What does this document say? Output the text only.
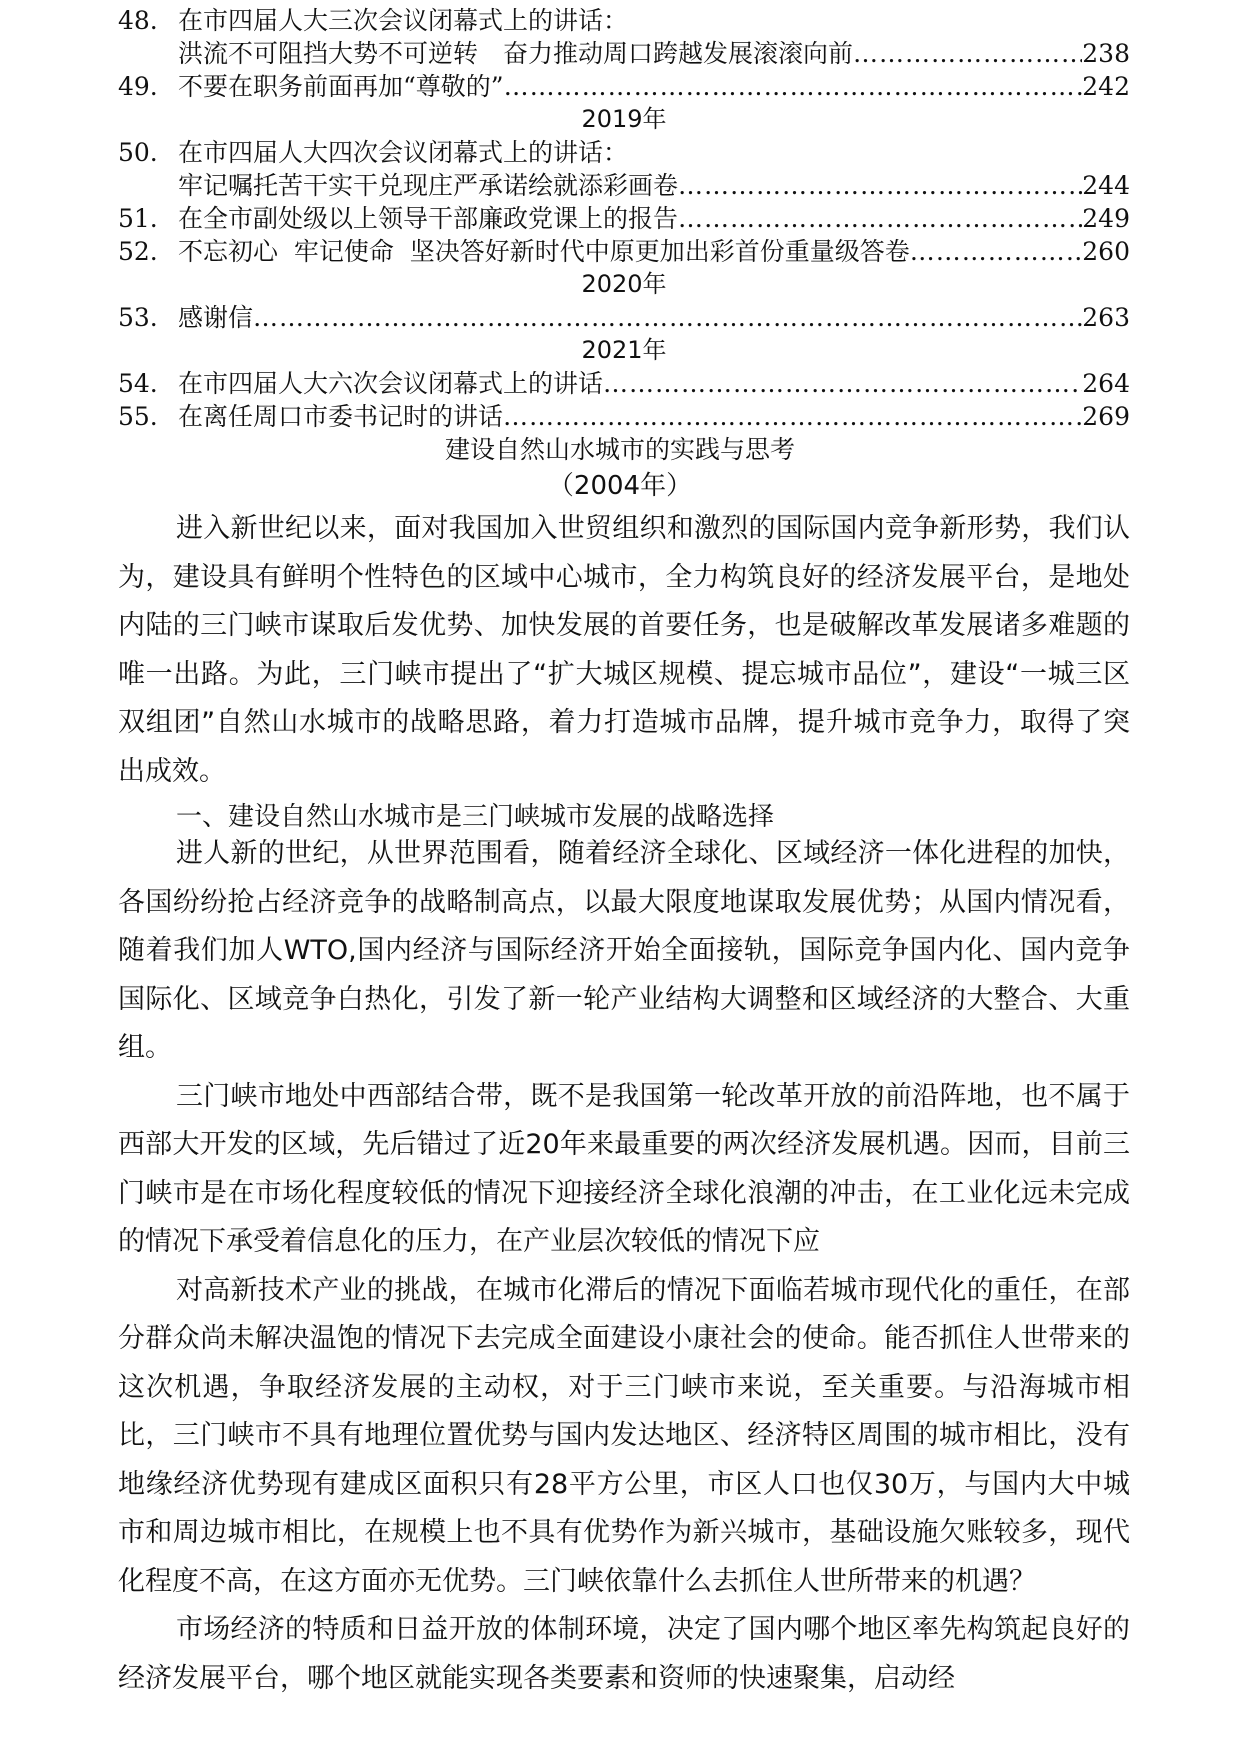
48. 在市四届人大三次会议闭幕式上的讲话：
洪流不可阻挡大势不可逆转　奋力推动周口跨越发展滚滚向前 …………………………………………………………………………………………………………………………………………	238
49. 不要在职务前面再加“尊敬的” …………………………………………………………………………………………………………………………………………	242
2019年
50. 在市四届人大四次会议闭幕式上的讲话：
牢记嘱托苦干实干兑现庄严承诺绘就添彩画卷 …………………………………………………………………………………………………………………………………………	244
51. 在全市副处级以上领导干部廉政党课上的报告 …………………………………………………………………………………………………………………………………………	249
52. 不忘初心  牢记使命  坚决答好新时代中原更加出彩首份重量级答卷 …………………………………………………………………………………………………………………………………………	260
2020年
53. 感谢信 …………………………………………………………………………………………………………………………………………	263
2021年
54. 在市四届人大六次会议闭幕式上的讲话 …………………………………………………………………………………………………………………………………………	264
55. 在离任周口市委书记时的讲话 …………………………………………………………………………………………………………………………………………	269
建设自然山水城市的实践与思考
（2004年）

进入新世纪以来，面对我国加入世贸组织和激烈的国际国内竞争新形势，我们认为，建设具有鲜明个性特色的区域中心城市，全力构筑良好的经济发展平台，是地处内陆的三门峡市谋取后发优势、加快发展的首要任务，也是破解改革发展诸多难题的唯一出路。为此，三门峡市提出了“扩大城区规模、提忘城市品位”，建设“一城三区双组团”自然山水城市的战略思路，着力打造城市品牌，提升城市竞争力，取得了突出成效。

一、建设自然山水城市是三门峡城市发展的战略选择

进人新的世纪，从世界范围看，随着经济全球化、区域经济一体化进程的加快，各国纷纷抢占经济竞争的战略制高点，以最大限度地谋取发展优势；从国内情况看，随着我们加人WTO,国内经济与国际经济开始全面接轨，国际竞争国内化、国内竞争国际化、区域竞争白热化，引发了新一轮产业结构大调整和区域经济的大整合、大重组。

三门峡市地处中西部结合带，既不是我国第一轮改革开放的前沿阵地，也不属于西部大开发的区域，先后错过了近20年来最重要的两次经济发展机遇。因而，目前三门峡市是在市场化程度较低的情况下迎接经济全球化浪潮的冲击，在工业化远未完成的情况下承受着信息化的压力，在产业层次较低的情况下应

对高新技术产业的挑战，在城市化滞后的情况下面临若城市现代化的重任，在部分群众尚未解决温饱的情况下去完成全面建设小康社会的使命。能否抓住人世带来的这次机遇，争取经济发展的主动权，对于三门峡市来说，至关重要。与沿海城市相比，三门峡市不具有地理位置优势与国内发达地区、经济特区周围的城市相比，没有地缘经济优势现有建成区面积只有28平方公里，市区人口也仅30万，与国内大中城市和周边城市相比，在规模上也不具有优势作为新兴城市，基础设施欠账较多，现代化程度不高，在这方面亦无优势。三门峡依靠什么去抓住人世所带来的机遇？

市场经济的特质和日益开放的体制环境，决定了国内哪个地区率先构筑起良好的经济发展平台，哪个地区就能实现各类要素和资师的快速聚集，启动经
